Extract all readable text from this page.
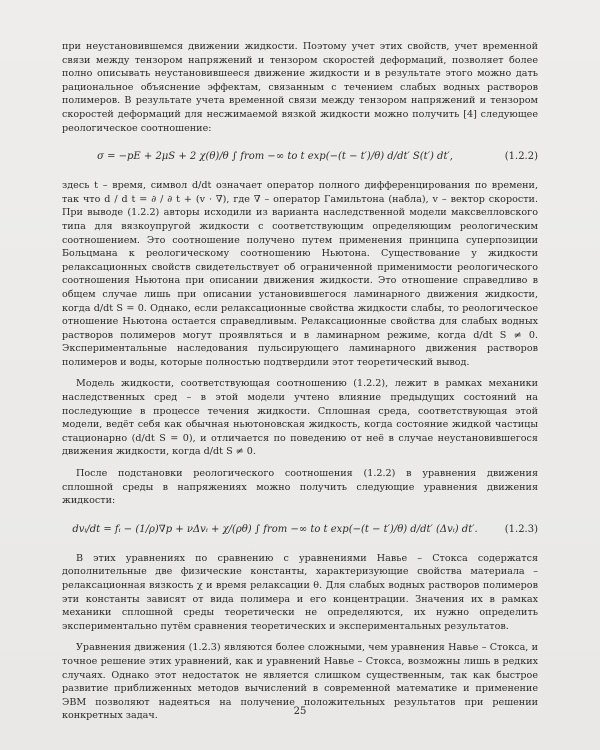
при неустановившемся движении жидкости. Поэтому учет этих свойств, учет временной связи между тензором напряжений и тензором скоростей деформаций, позволяет более полно описывать неустановившееся движение жидкости и в результате этого можно дать рациональное объяснение эффектам, связанным с течением слабых водных растворов полимеров. В результате учета временной связи между тензором напряжений и тензором скоростей деформаций для несжимаемой вязкой жидкости можно получить [4] следующее реологическое соотношение:

σ = −pE + 2μS + 2 χ(θ)/θ ∫ from −∞ to t exp(−(t − t′)/θ) d/dt′ S(t′) dt′,	(1.2.2)

здесь t – время, символ d/dt означает оператор полного дифференцирования по времени, так что d / d t = ∂ / ∂ t + (v · ∇), где ∇ – оператор Гамильтона (набла), v – вектор скорости. При выводе (1.2.2) авторы исходили из варианта наследственной модели максвелловского типа для вязкоупругой жидкости с соответствующим определяющим реологическим соотношением. Это соотношение получено путем применения принципа суперпозиции Больцмана к реологическому соотношению Ньютона. Существование у жидкости релаксационных свойств свидетельствует об ограниченной применимости реологического соотношения Ньютона при описании движения жидкости. Это отношение справедливо в общем случае лишь при описании установившегося ламинарного движения жидкости, когда d/dt S = 0. Однако, если релаксационные свойства жидкости слабы, то реологическое отношение Ньютона остается справедливым. Релаксационные свойства для слабых водных растворов полимеров могут проявляться и в ламинарном режиме, когда d/dt S ≠ 0. Экспериментальные наследования пульсирующего ламинарного движения растворов полимеров и воды, которые полностью подтвердили этот теоретический вывод.

Модель жидкости, соответствующая соотношению (1.2.2), лежит в рамках механики наследственных сред – в этой модели учтено влияние предыдущих состояний на последующие в процессе течения жидкости. Сплошная среда, соответствующая этой модели, ведёт себя как обычная ньютоновская жидкость, когда состояние жидкой частицы стационарно (d/dt S = 0), и отличается по поведению от неё в случае неустановившегося движения жидкости, когда d/dt S ≠ 0.

После подстановки реологического соотношения (1.2.2) в уравнения движения сплошной среды в напряжениях можно получить следующие уравнения движения жидкости:

dvᵢ/dt = fᵢ − (1/ρ)∇p + νΔvᵢ + χ/(ρθ) ∫ from −∞ to t exp(−(t − t′)/θ) d/dt′ (Δvᵢ) dt′.	(1.2.3)

В этих уравнениях по сравнению с уравнениями Навье – Стокса содержатся дополнительные две физические константы, характеризующие свойства материала – релаксационная вязкость χ и время релаксации θ. Для слабых водных растворов полимеров эти константы зависят от вида полимера и его концентрации. Значения их в рамках механики сплошной среды теоретически не определяются, их нужно определить экспериментально путём сравнения теоретических и экспериментальных результатов.

Уравнения движения (1.2.3) являются более сложными, чем уравнения Навье – Стокса, и точное решение этих уравнений, как и уравнений Навье – Стокса, возможны лишь в редких случаях. Однако этот недостаток не является слишком существенным, так как быстрое развитие приближенных методов вычислений в современной математике и применение ЭВМ позволяют надеяться на получение положительных результатов при решении конкретных задач.	25
